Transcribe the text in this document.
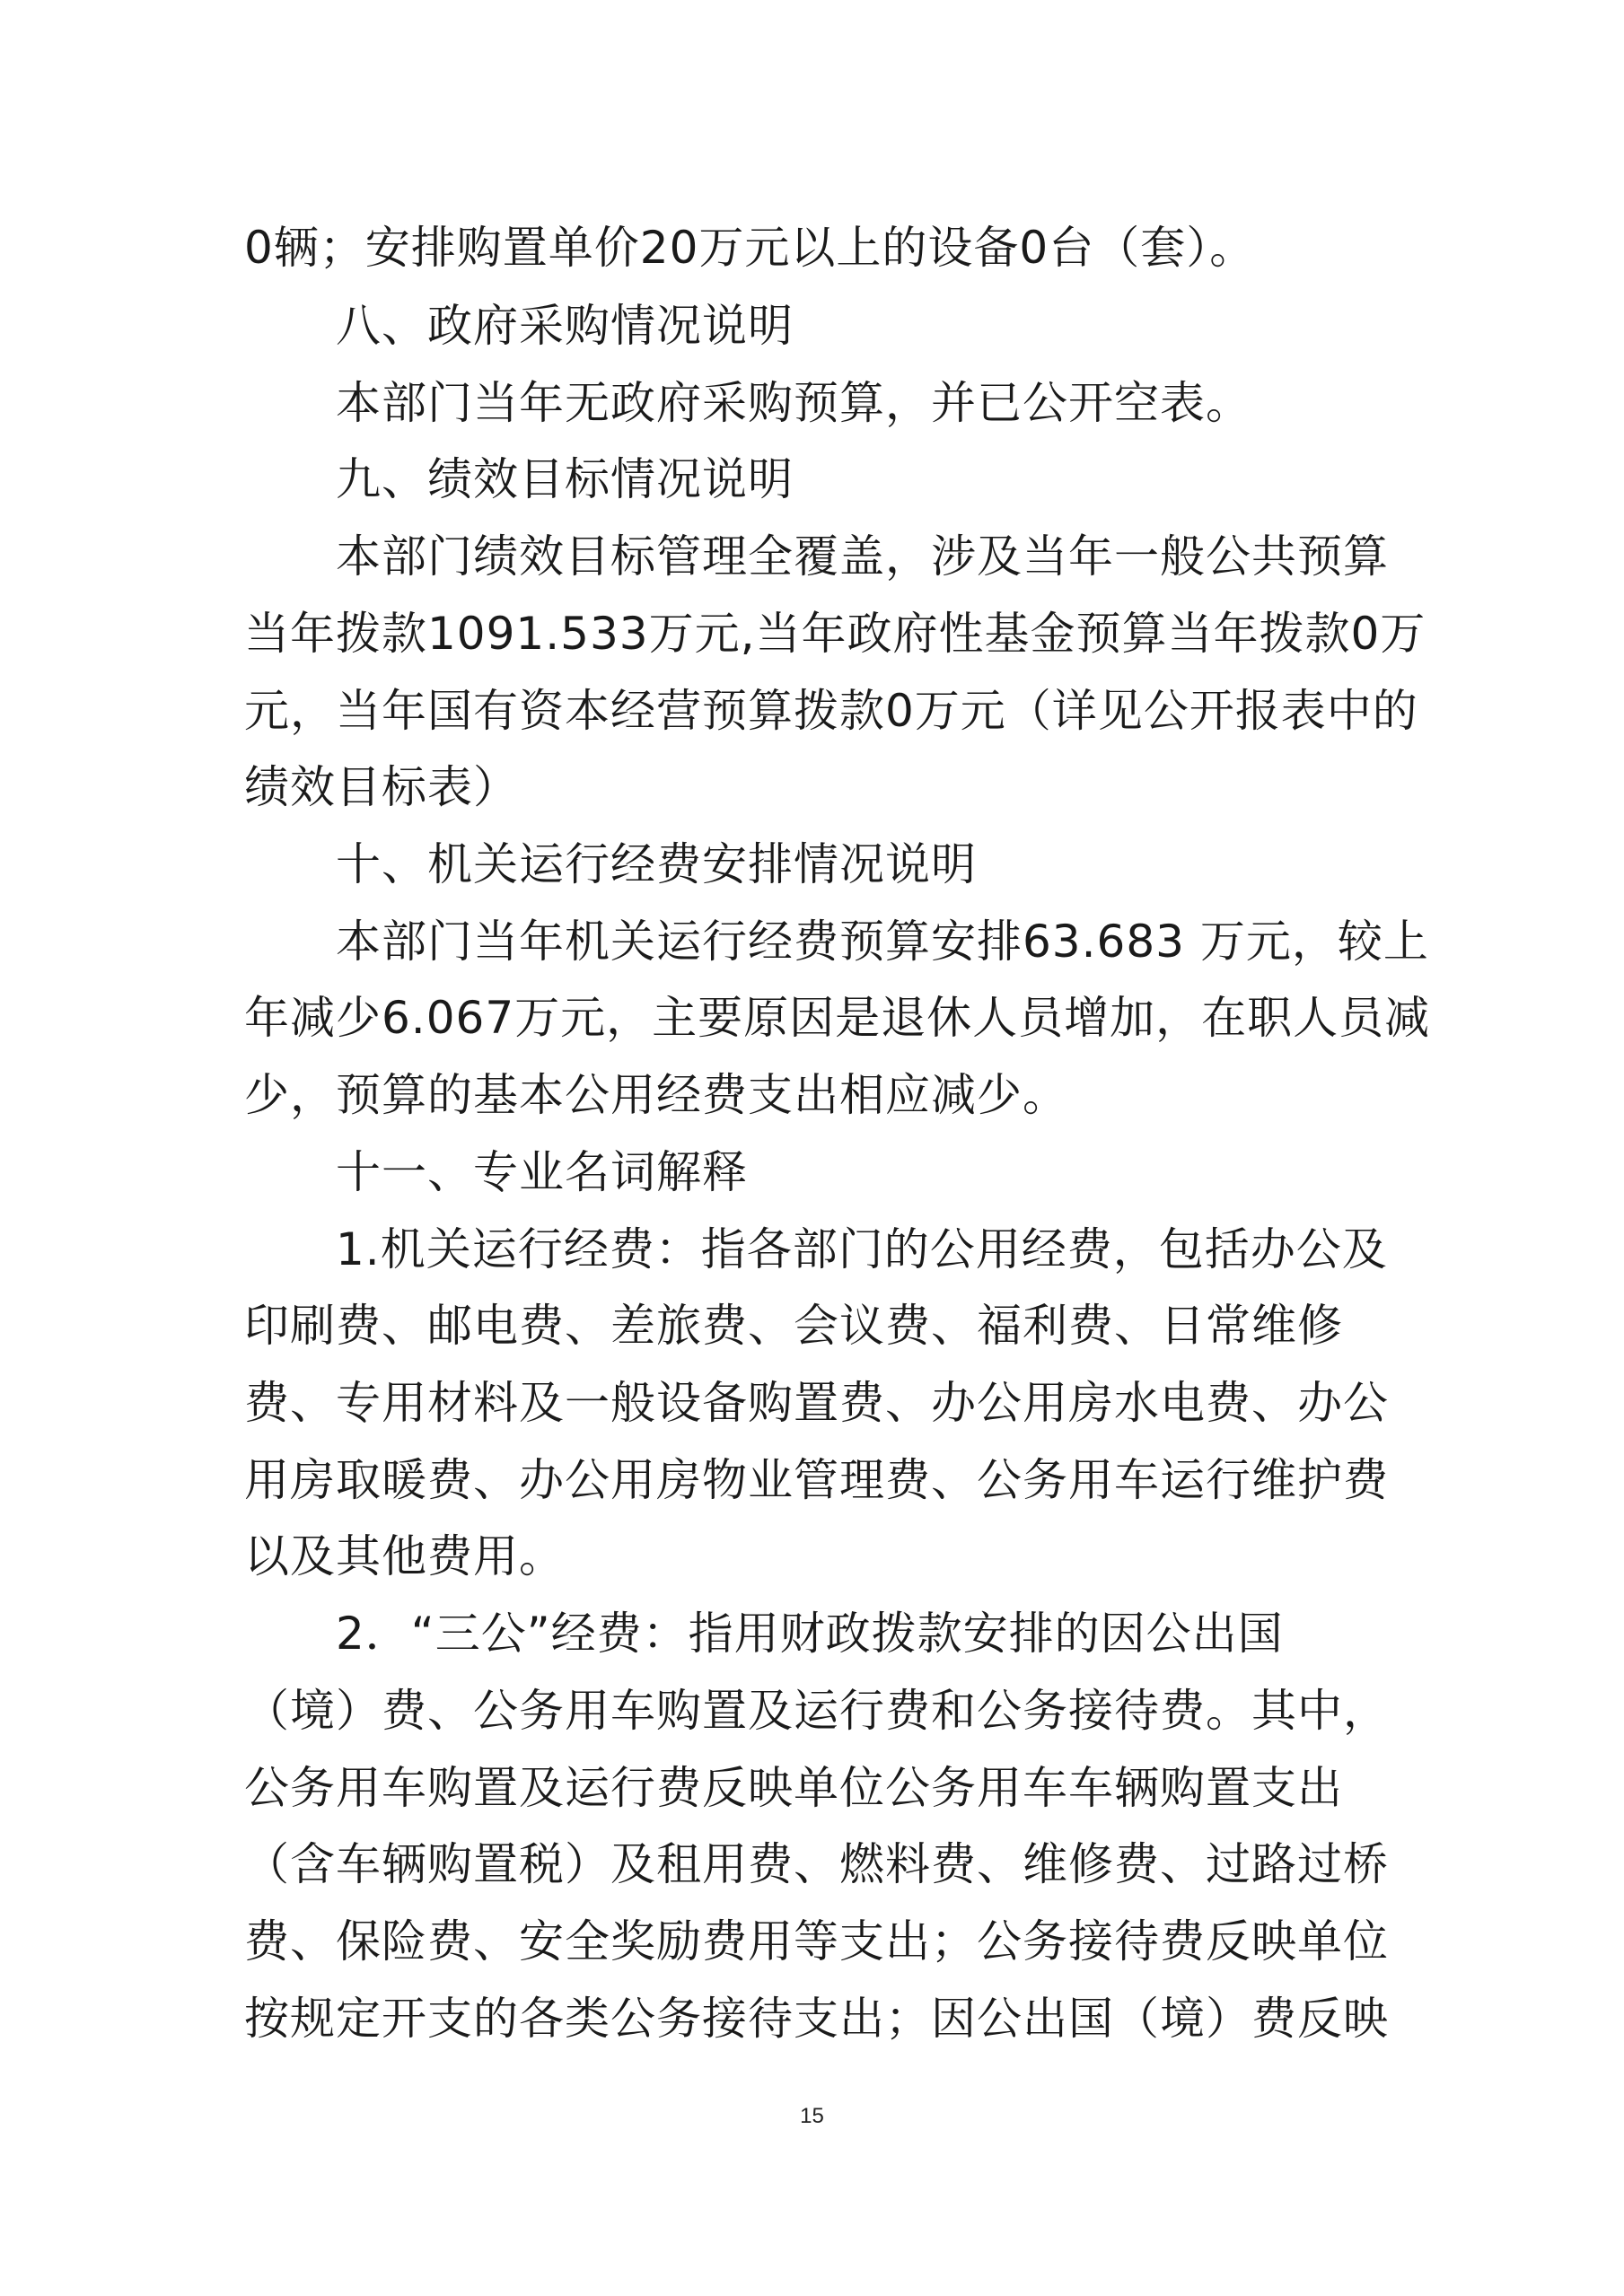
0辆；安排购置单价20万元以上的设备0台（套）。
八、政府采购情况说明
本部门当年无政府采购预算，并已公开空表。
九、绩效目标情况说明
本部门绩效目标管理全覆盖，涉及当年一般公共预算
当年拨款1091.533万元,当年政府性基金预算当年拨款0万
元，当年国有资本经营预算拨款0万元（详见公开报表中的
绩效目标表）
十、机关运行经费安排情况说明
本部门当年机关运行经费预算安排63.683 万元，较上
年减少6.067万元，主要原因是退休人员增加，在职人员减
少，预算的基本公用经费支出相应减少。
十一、专业名词解释
1.机关运行经费：指各部门的公用经费，包括办公及
印刷费、邮电费、差旅费、会议费、福利费、日常维修
费、专用材料及一般设备购置费、办公用房水电费、办公
用房取暖费、办公用房物业管理费、公务用车运行维护费
以及其他费用。
2．“三公”经费：指用财政拨款安排的因公出国
（境）费、公务用车购置及运行费和公务接待费。其中，
公务用车购置及运行费反映单位公务用车车辆购置支出
（含车辆购置税）及租用费、燃料费、维修费、过路过桥
费、保险费、安全奖励费用等支出；公务接待费反映单位
按规定开支的各类公务接待支出；因公出国（境）费反映
15
